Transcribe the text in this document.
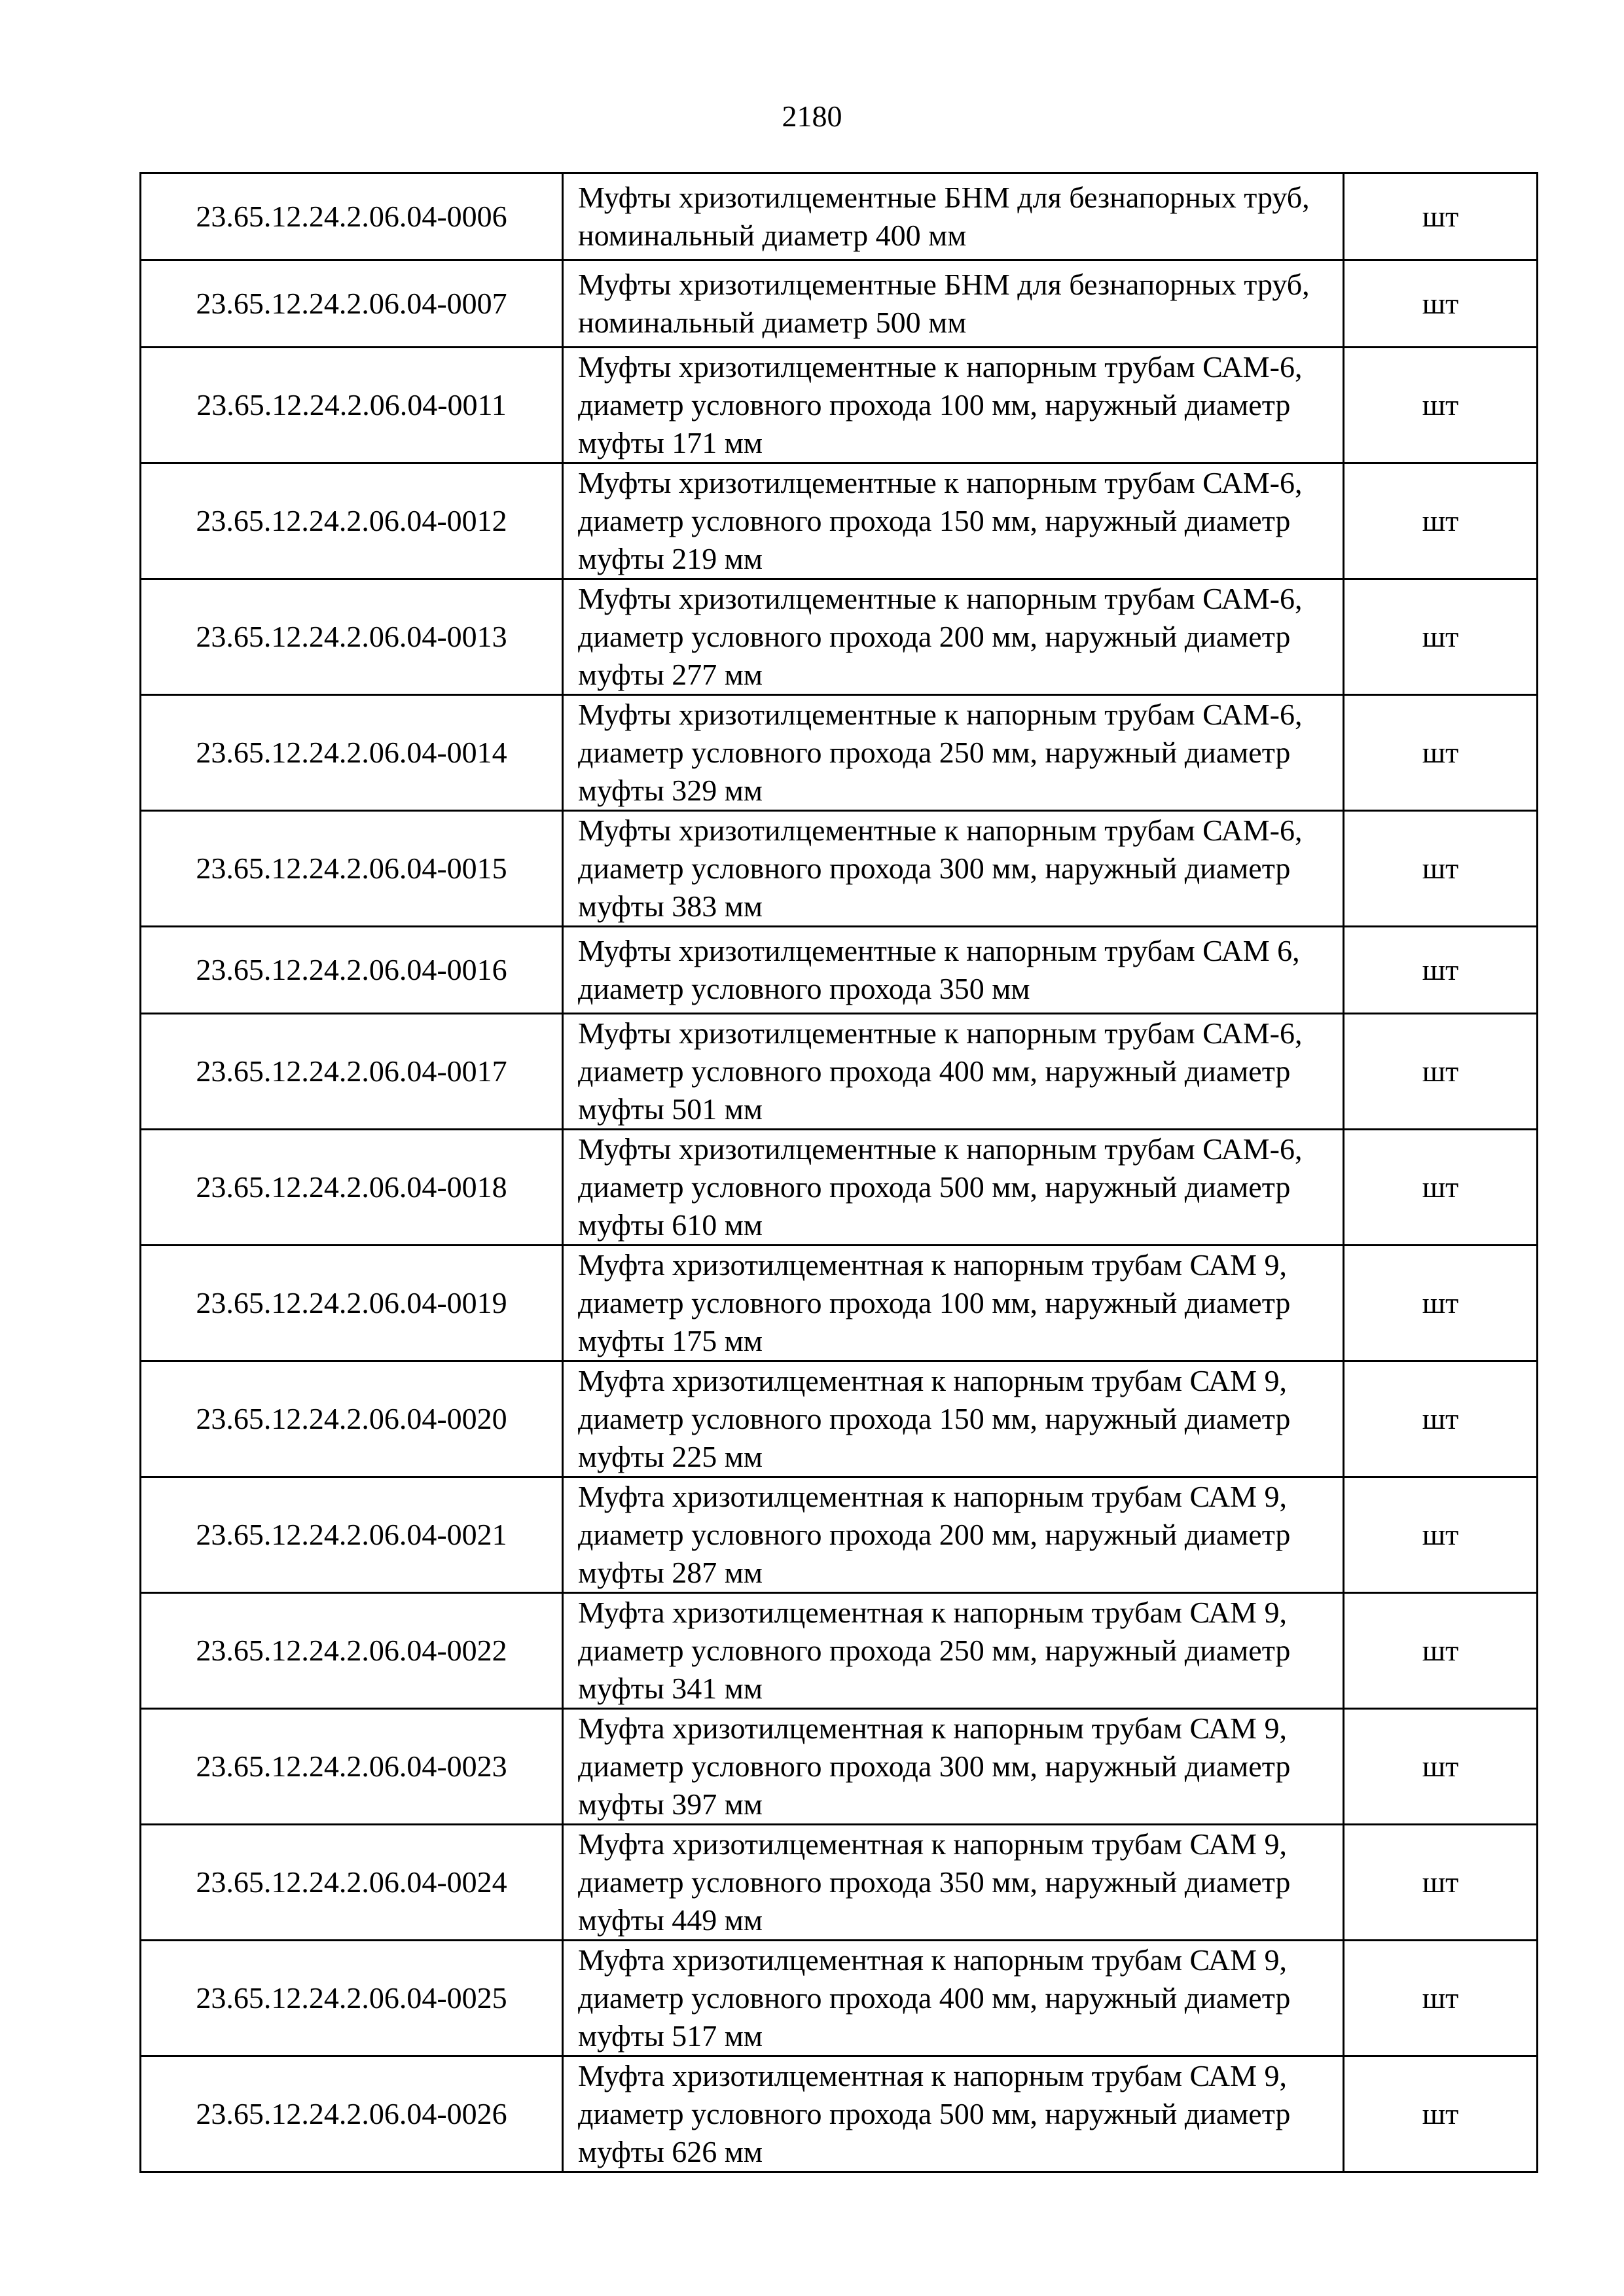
2180
23.65.12.24.2.06.04-0006	Муфты хризотилцементные БНМ для безнапорных труб, номинальный диаметр 400 мм	шт
23.65.12.24.2.06.04-0007	Муфты хризотилцементные БНМ для безнапорных труб, номинальный диаметр 500 мм	шт
23.65.12.24.2.06.04-0011	Муфты хризотилцементные к напорным трубам САМ-6, диаметр условного прохода 100 мм, наружный диаметр муфты 171 мм	шт
23.65.12.24.2.06.04-0012	Муфты хризотилцементные к напорным трубам САМ-6, диаметр условного прохода 150 мм, наружный диаметр муфты 219 мм	шт
23.65.12.24.2.06.04-0013	Муфты хризотилцементные к напорным трубам САМ-6, диаметр условного прохода 200 мм, наружный диаметр муфты 277 мм	шт
23.65.12.24.2.06.04-0014	Муфты хризотилцементные к напорным трубам САМ-6, диаметр условного прохода 250 мм, наружный диаметр муфты 329 мм	шт
23.65.12.24.2.06.04-0015	Муфты хризотилцементные к напорным трубам САМ-6, диаметр условного прохода 300 мм, наружный диаметр муфты 383 мм	шт
23.65.12.24.2.06.04-0016	Муфты хризотилцементные к напорным трубам САМ 6, диаметр условного прохода 350 мм	шт
23.65.12.24.2.06.04-0017	Муфты хризотилцементные к напорным трубам САМ-6, диаметр условного прохода 400 мм, наружный диаметр муфты 501 мм	шт
23.65.12.24.2.06.04-0018	Муфты хризотилцементные к напорным трубам САМ-6, диаметр условного прохода 500 мм, наружный диаметр муфты 610 мм	шт
23.65.12.24.2.06.04-0019	Муфта хризотилцементная к напорным трубам САМ 9, диаметр условного прохода 100 мм, наружный диаметр муфты 175 мм	шт
23.65.12.24.2.06.04-0020	Муфта хризотилцементная к напорным трубам САМ 9, диаметр условного прохода 150 мм, наружный диаметр муфты 225 мм	шт
23.65.12.24.2.06.04-0021	Муфта хризотилцементная к напорным трубам САМ 9, диаметр условного прохода 200 мм, наружный диаметр муфты 287 мм	шт
23.65.12.24.2.06.04-0022	Муфта хризотилцементная к напорным трубам САМ 9, диаметр условного прохода 250 мм, наружный диаметр муфты 341 мм	шт
23.65.12.24.2.06.04-0023	Муфта хризотилцементная к напорным трубам САМ 9, диаметр условного прохода 300 мм, наружный диаметр муфты 397 мм	шт
23.65.12.24.2.06.04-0024	Муфта хризотилцементная к напорным трубам САМ 9, диаметр условного прохода 350 мм, наружный диаметр муфты 449 мм	шт
23.65.12.24.2.06.04-0025	Муфта хризотилцементная к напорным трубам САМ 9, диаметр условного прохода 400 мм, наружный диаметр муфты 517 мм	шт
23.65.12.24.2.06.04-0026	Муфта хризотилцементная к напорным трубам САМ 9, диаметр условного прохода 500 мм, наружный диаметр муфты 626 мм	шт
